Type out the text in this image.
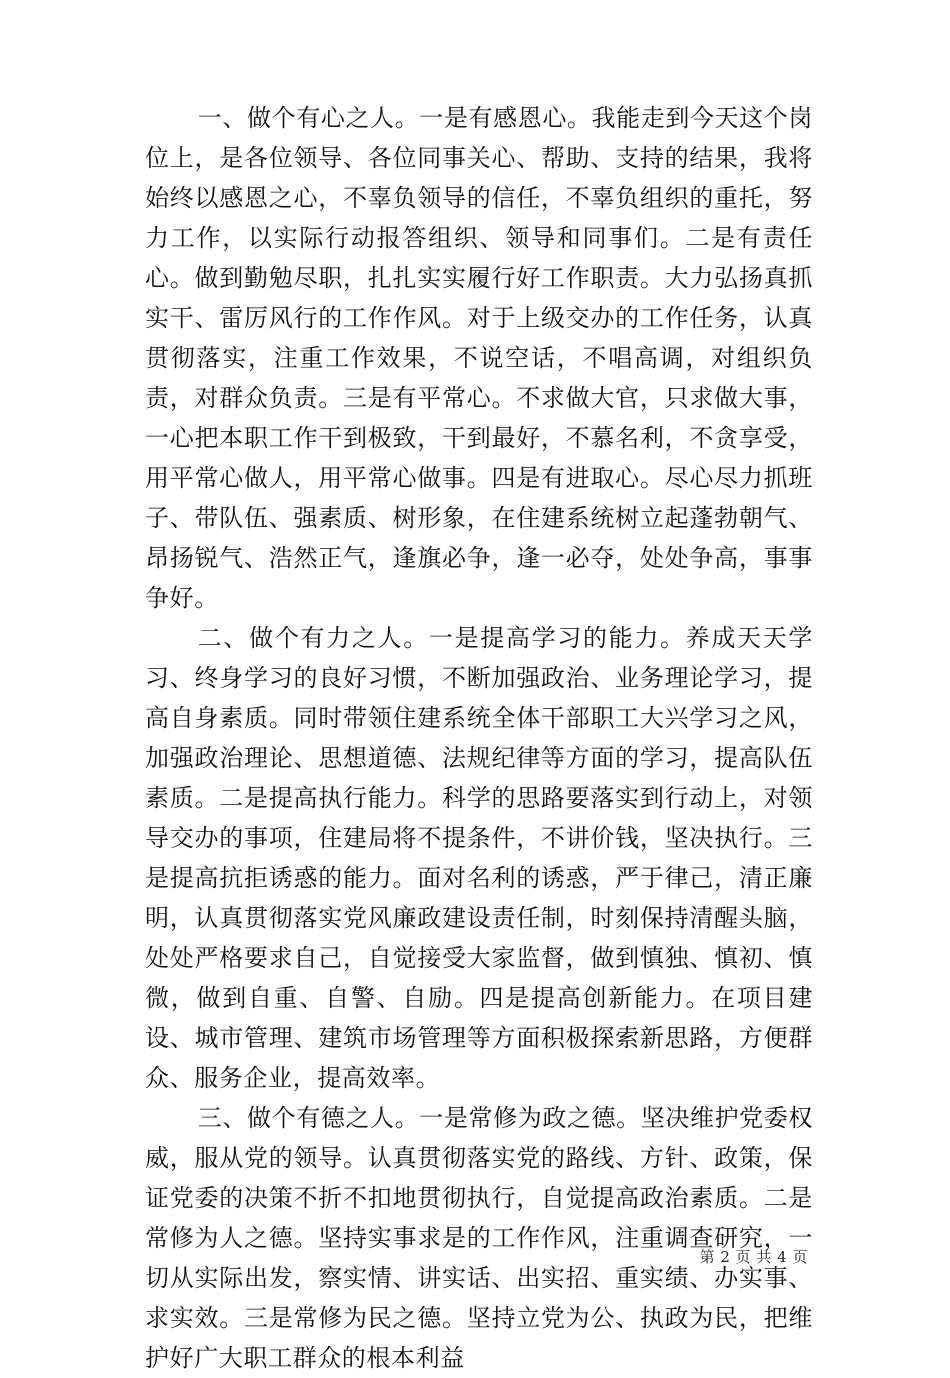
一、做个有心之人。一是有感恩心。我能走到今天这个岗位上，是各位领导、各位同事关心、帮助、支持的结果，我将始终以感恩之心，不辜负领导的信任，不辜负组织的重托，努力工作，以实际行动报答组织、领导和同事们。二是有责任心。做到勤勉尽职，扎扎实实履行好工作职责。大力弘扬真抓实干、雷厉风行的工作作风。对于上级交办的工作任务，认真贯彻落实，注重工作效果，不说空话，不唱高调，对组织负责，对群众负责。三是有平常心。不求做大官，只求做大事，一心把本职工作干到极致，干到最好，不慕名利，不贪享受，用平常心做人，用平常心做事。四是有进取心。尽心尽力抓班子、带队伍、强素质、树形象，在住建系统树立起蓬勃朝气、昂扬锐气、浩然正气，逢旗必争，逢一必夺，处处争高，事事争好。

二、做个有力之人。一是提高学习的能力。养成天天学习、终身学习的良好习惯，不断加强政治、业务理论学习，提高自身素质。同时带领住建系统全体干部职工大兴学习之风，加强政治理论、思想道德、法规纪律等方面的学习，提高队伍素质。二是提高执行能力。科学的思路要落实到行动上，对领导交办的事项，住建局将不提条件，不讲价钱，坚决执行。三是提高抗拒诱惑的能力。面对名利的诱惑，严于律己，清正廉明，认真贯彻落实党风廉政建设责任制，时刻保持清醒头脑，处处严格要求自己，自觉接受大家监督，做到慎独、慎初、慎微，做到自重、自警、自励。四是提高创新能力。在项目建设、城市管理、建筑市场管理等方面积极探索新思路，方便群众、服务企业，提高效率。

三、做个有德之人。一是常修为政之德。坚决维护党委权威，服从党的领导。认真贯彻落实党的路线、方针、政策，保证党委的决策不折不扣地贯彻执行，自觉提高政治素质。二是常修为人之德。坚持实事求是的工作作风，注重调查研究，一切从实际出发，察实情、讲实话、出实招、重实绩、办实事、求实效。三是常修为民之德。坚持立党为公、执政为民，把维护好广大职工群众的根本利益

第 2 页 共 4 页
